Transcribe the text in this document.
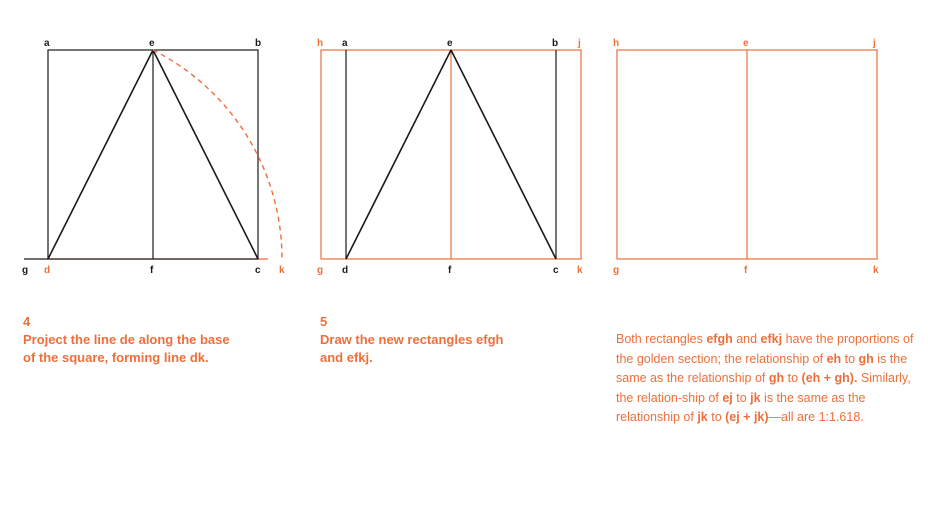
a	e	b
g d	f	c k
h a	e	b j
g d	f	c k
h	e	j
g	f	k
4
Project the line de along the base
of the square, forming line dk.
5
Draw the new rectangles efgh
and efkj.
Both rectangles efgh and efkj have the proportions of the golden section; the relationship of eh to gh is the same as the relationship of gh to (eh + gh). Similarly, the relation-ship of ej to jk is the same as the relationship of jk to (ej + jk)—all are 1:1.618.
